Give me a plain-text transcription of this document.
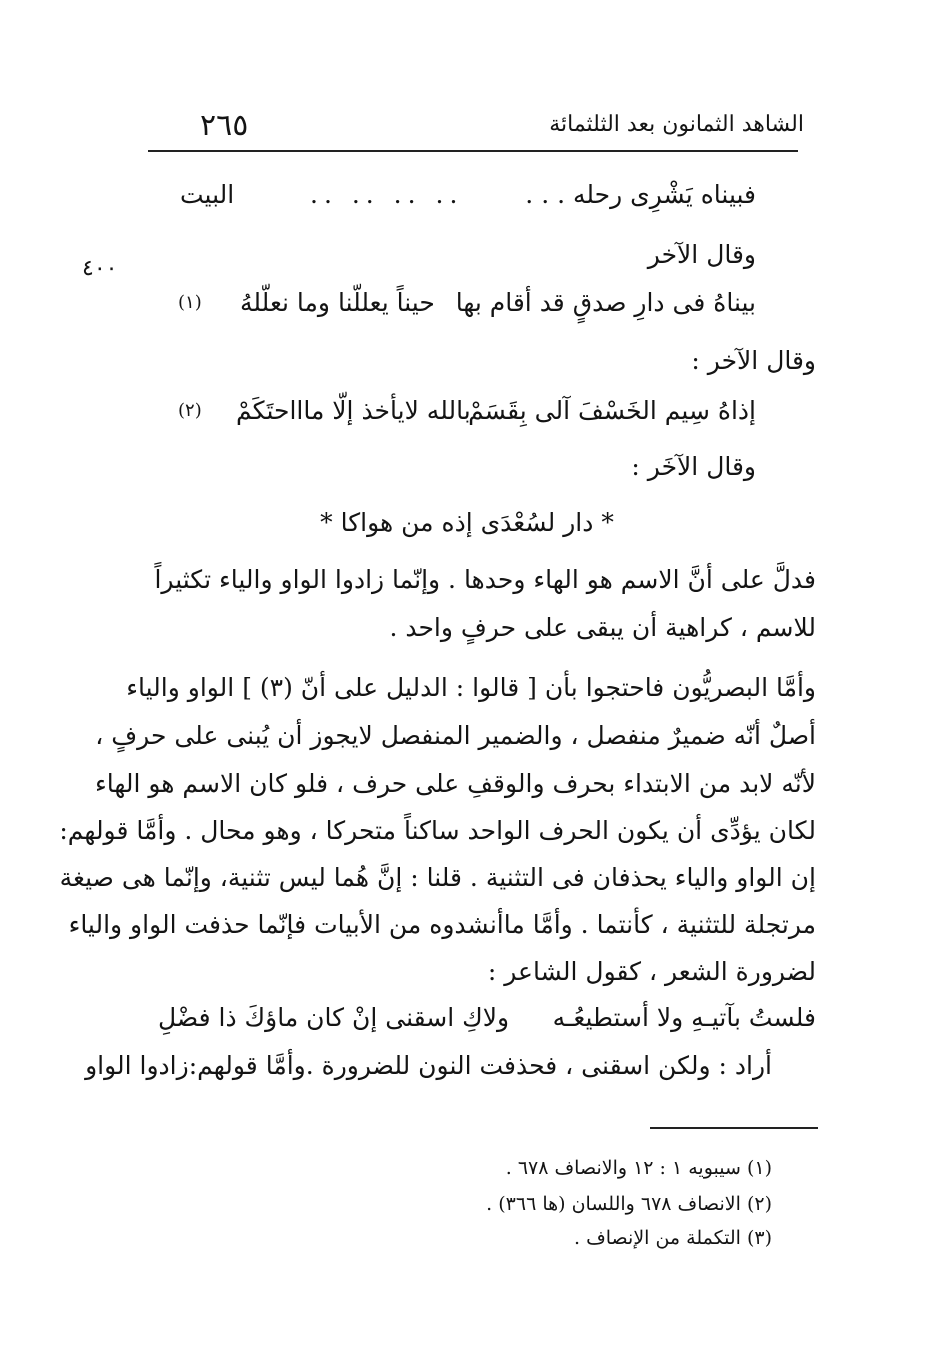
الشاهد الثمانون بعد الثلثمائة
٢٦٥
٤٠٠
فبيناه يَشْرِى رحله . . .
.. .. .. ..
البيت
وقال الآخر
بيناهُ فى دارِ صدقٍ قد أقام بها
حيناً يعللّنا وما نعلّلهُ
(١)
وقال الآخر :
إذاهُ سِيم الخَسْفَ آلى بِقَسَمْ
بالله لايأخذ إلّا ماااحتَكَمْ
(٢)
وقال الآخَر :
* دار لسُعْدَى إذه من هواكا *
فدلَّ على أنَّ الاسم هو الهاء وحدها . وإنّما زادوا الواو والياء تكثيراً
للاسم ، كراهية أن يبقى على حرفٍ واحد .
وأمَّا البصريُّون فاحتجوا بأن [ قالوا : الدليل على أنّ (٣) ] الواو والياء
أصلٌ أنّه ضميرٌ منفصل ، والضمير المنفصل لايجوز أن يُبنى على حرفٍ ،
لأنّه لابد من الابتداء بحرف والوقفِ على حرف ، فلو كان الاسم هو الهاء
لكان يؤدِّى أن يكون الحرف الواحد ساكناً متحركا ، وهو محال . وأمَّا قولهم:
إن الواو والياء يحذفان فى التثنية . قلنا : إنَّ هُما ليس تثنية، وإنّما هى صيغة
مرتجلة للتثنية ، كأنتما . وأمَّا ماأنشدوه من الأبيات فإنّما حذفت الواو والياء
لضرورة الشعر ، كقول الشاعر :
فلستُ بآتيـهِ ولا أستطيعُـه
ولاكِ اسقنى إنْ كان ماؤكَ ذا فضْلِ
أراد : ولكن اسقنى ، فحذفت النون للضرورة .وأمَّا قولهم:زادوا الواو
(١) سيبويه ١ : ١٢ والانصاف ٦٧٨ .
(٢) الانصاف ٦٧٨ واللسان (ها ٣٦٦) .
(٣) التكملة من الإنصاف .
